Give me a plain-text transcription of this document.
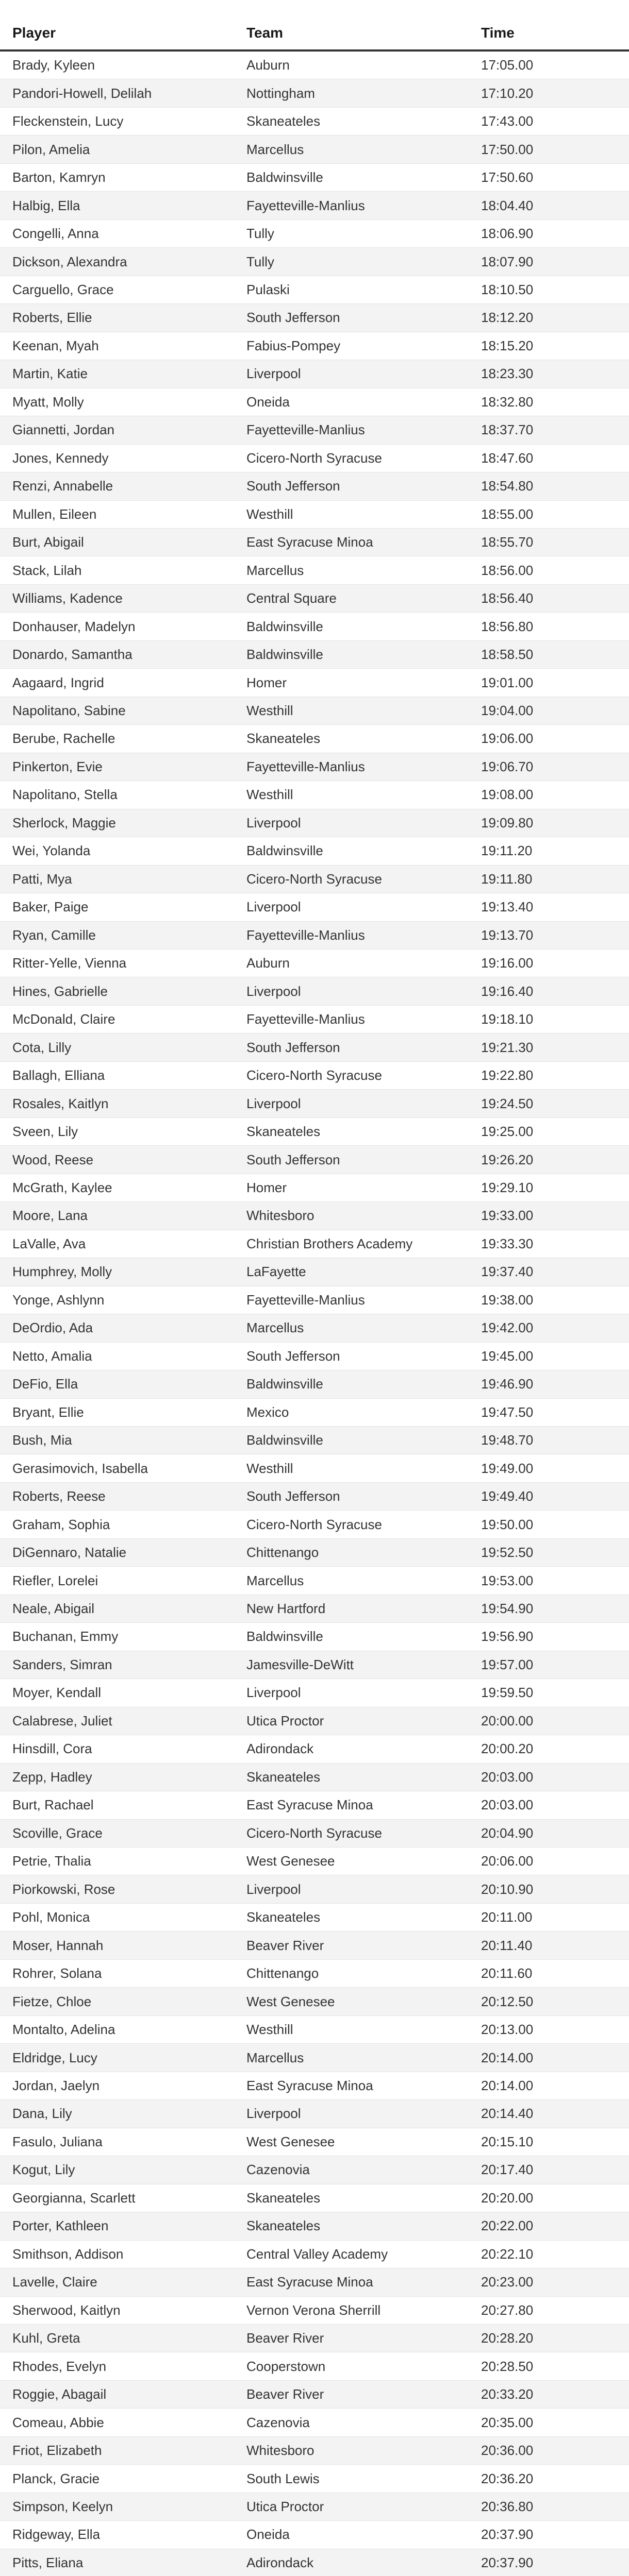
Player	Team	Time
Brady, Kyleen	Auburn	17:05.00
Pandori-Howell, Delilah	Nottingham	17:10.20
Fleckenstein, Lucy	Skaneateles	17:43.00
Pilon, Amelia	Marcellus	17:50.00
Barton, Kamryn	Baldwinsville	17:50.60
Halbig, Ella	Fayetteville-Manlius	18:04.40
Congelli, Anna	Tully	18:06.90
Dickson, Alexandra	Tully	18:07.90
Carguello, Grace	Pulaski	18:10.50
Roberts, Ellie	South Jefferson	18:12.20
Keenan, Myah	Fabius-Pompey	18:15.20
Martin, Katie	Liverpool	18:23.30
Myatt, Molly	Oneida	18:32.80
Giannetti, Jordan	Fayetteville-Manlius	18:37.70
Jones, Kennedy	Cicero-North Syracuse	18:47.60
Renzi, Annabelle	South Jefferson	18:54.80
Mullen, Eileen	Westhill	18:55.00
Burt, Abigail	East Syracuse Minoa	18:55.70
Stack, Lilah	Marcellus	18:56.00
Williams, Kadence	Central Square	18:56.40
Donhauser, Madelyn	Baldwinsville	18:56.80
Donardo, Samantha	Baldwinsville	18:58.50
Aagaard, Ingrid	Homer	19:01.00
Napolitano, Sabine	Westhill	19:04.00
Berube, Rachelle	Skaneateles	19:06.00
Pinkerton, Evie	Fayetteville-Manlius	19:06.70
Napolitano, Stella	Westhill	19:08.00
Sherlock, Maggie	Liverpool	19:09.80
Wei, Yolanda	Baldwinsville	19:11.20
Patti, Mya	Cicero-North Syracuse	19:11.80
Baker, Paige	Liverpool	19:13.40
Ryan, Camille	Fayetteville-Manlius	19:13.70
Ritter-Yelle, Vienna	Auburn	19:16.00
Hines, Gabrielle	Liverpool	19:16.40
McDonald, Claire	Fayetteville-Manlius	19:18.10
Cota, Lilly	South Jefferson	19:21.30
Ballagh, Elliana	Cicero-North Syracuse	19:22.80
Rosales, Kaitlyn	Liverpool	19:24.50
Sveen, Lily	Skaneateles	19:25.00
Wood, Reese	South Jefferson	19:26.20
McGrath, Kaylee	Homer	19:29.10
Moore, Lana	Whitesboro	19:33.00
LaValle, Ava	Christian Brothers Academy	19:33.30
Humphrey, Molly	LaFayette	19:37.40
Yonge, Ashlynn	Fayetteville-Manlius	19:38.00
DeOrdio, Ada	Marcellus	19:42.00
Netto, Amalia	South Jefferson	19:45.00
DeFio, Ella	Baldwinsville	19:46.90
Bryant, Ellie	Mexico	19:47.50
Bush, Mia	Baldwinsville	19:48.70
Gerasimovich, Isabella	Westhill	19:49.00
Roberts, Reese	South Jefferson	19:49.40
Graham, Sophia	Cicero-North Syracuse	19:50.00
DiGennaro, Natalie	Chittenango	19:52.50
Riefler, Lorelei	Marcellus	19:53.00
Neale, Abigail	New Hartford	19:54.90
Buchanan, Emmy	Baldwinsville	19:56.90
Sanders, Simran	Jamesville-DeWitt	19:57.00
Moyer, Kendall	Liverpool	19:59.50
Calabrese, Juliet	Utica Proctor	20:00.00
Hinsdill, Cora	Adirondack	20:00.20
Zepp, Hadley	Skaneateles	20:03.00
Burt, Rachael	East Syracuse Minoa	20:03.00
Scoville, Grace	Cicero-North Syracuse	20:04.90
Petrie, Thalia	West Genesee	20:06.00
Piorkowski, Rose	Liverpool	20:10.90
Pohl, Monica	Skaneateles	20:11.00
Moser, Hannah	Beaver River	20:11.40
Rohrer, Solana	Chittenango	20:11.60
Fietze, Chloe	West Genesee	20:12.50
Montalto, Adelina	Westhill	20:13.00
Eldridge, Lucy	Marcellus	20:14.00
Jordan, Jaelyn	East Syracuse Minoa	20:14.00
Dana, Lily	Liverpool	20:14.40
Fasulo, Juliana	West Genesee	20:15.10
Kogut, Lily	Cazenovia	20:17.40
Georgianna, Scarlett	Skaneateles	20:20.00
Porter, Kathleen	Skaneateles	20:22.00
Smithson, Addison	Central Valley Academy	20:22.10
Lavelle, Claire	East Syracuse Minoa	20:23.00
Sherwood, Kaitlyn	Vernon Verona Sherrill	20:27.80
Kuhl, Greta	Beaver River	20:28.20
Rhodes, Evelyn	Cooperstown	20:28.50
Roggie, Abagail	Beaver River	20:33.20
Comeau, Abbie	Cazenovia	20:35.00
Friot, Elizabeth	Whitesboro	20:36.00
Planck, Gracie	South Lewis	20:36.20
Simpson, Keelyn	Utica Proctor	20:36.80
Ridgeway, Ella	Oneida	20:37.90
Pitts, Eliana	Adirondack	20:37.90
